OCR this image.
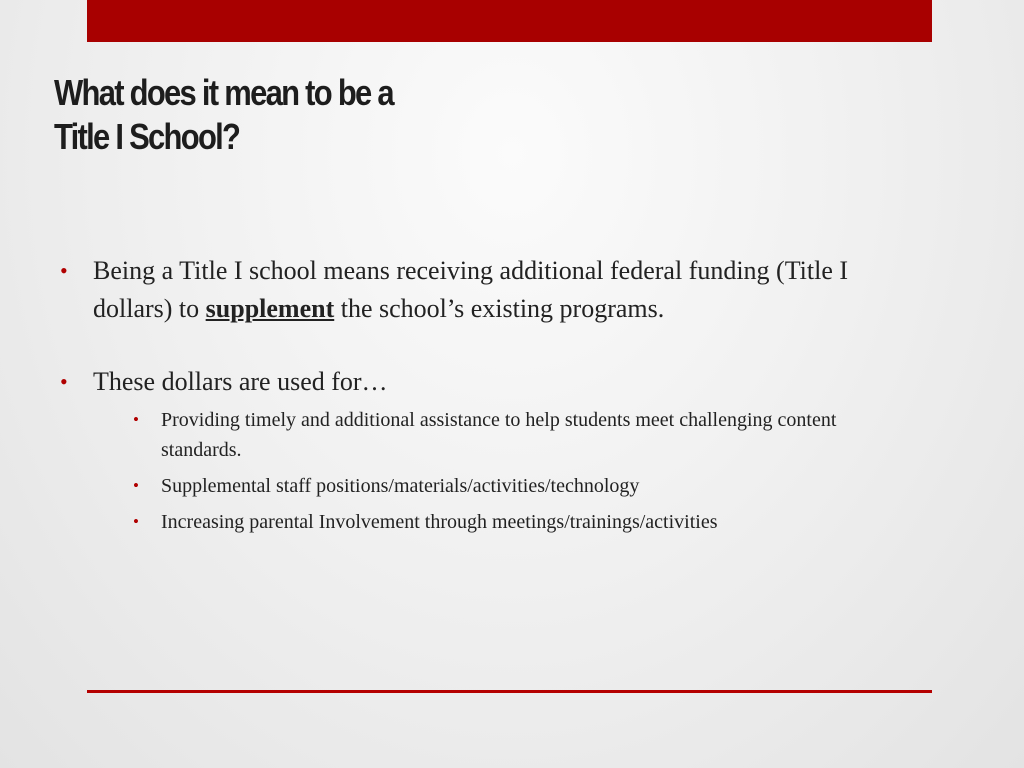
What does it mean to be a
Title I School?
• Being a Title I school means receiving additional federal funding (Title I dollars) to supplement the school’s existing programs.
• These dollars are used for…
• Providing timely and additional assistance to help students meet challenging content standards.
• Supplemental staff positions/materials/activities/technology
• Increasing parental Involvement through meetings/trainings/activities
